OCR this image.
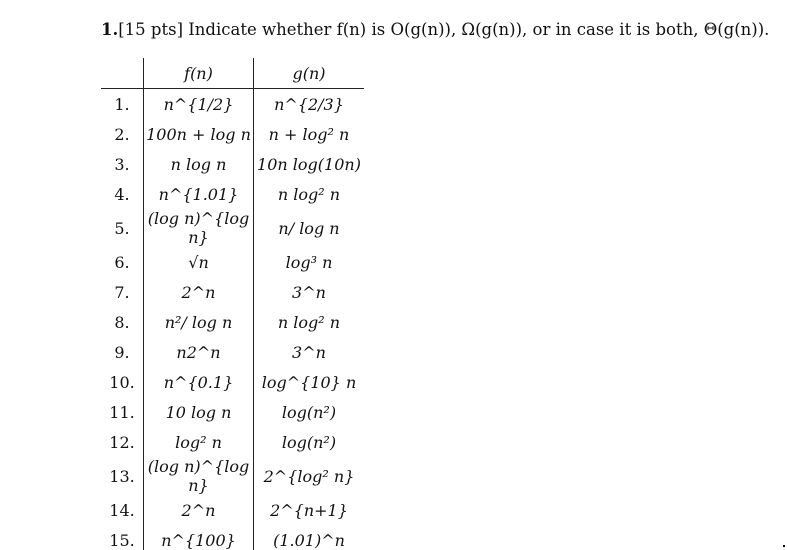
1.[15 pts] Indicate whether f(n) is O(g(n)), Ω(g(n)), or in case it is both, Θ(g(n)).
	f(n)	g(n)
1.	n^{1/2}	n^{2/3}
2.	100n + log n	n + log² n
3.	n log n	10n log(10n)
4.	n^{1.01}	n log² n
5.	(log n)^{log n}	n/ log n
6.	√n	log³ n
7.	2^n	3^n
8.	n²/ log n	n log² n
9.	n2^n	3^n
10.	n^{0.1}	log^{10} n
11.	10 log n	log(n²)
12.	log² n	log(n²)
13.	(log n)^{log n}	2^{log² n}
14.	2^n	2^{n+1}
15.	n^{100}	(1.01)^n
